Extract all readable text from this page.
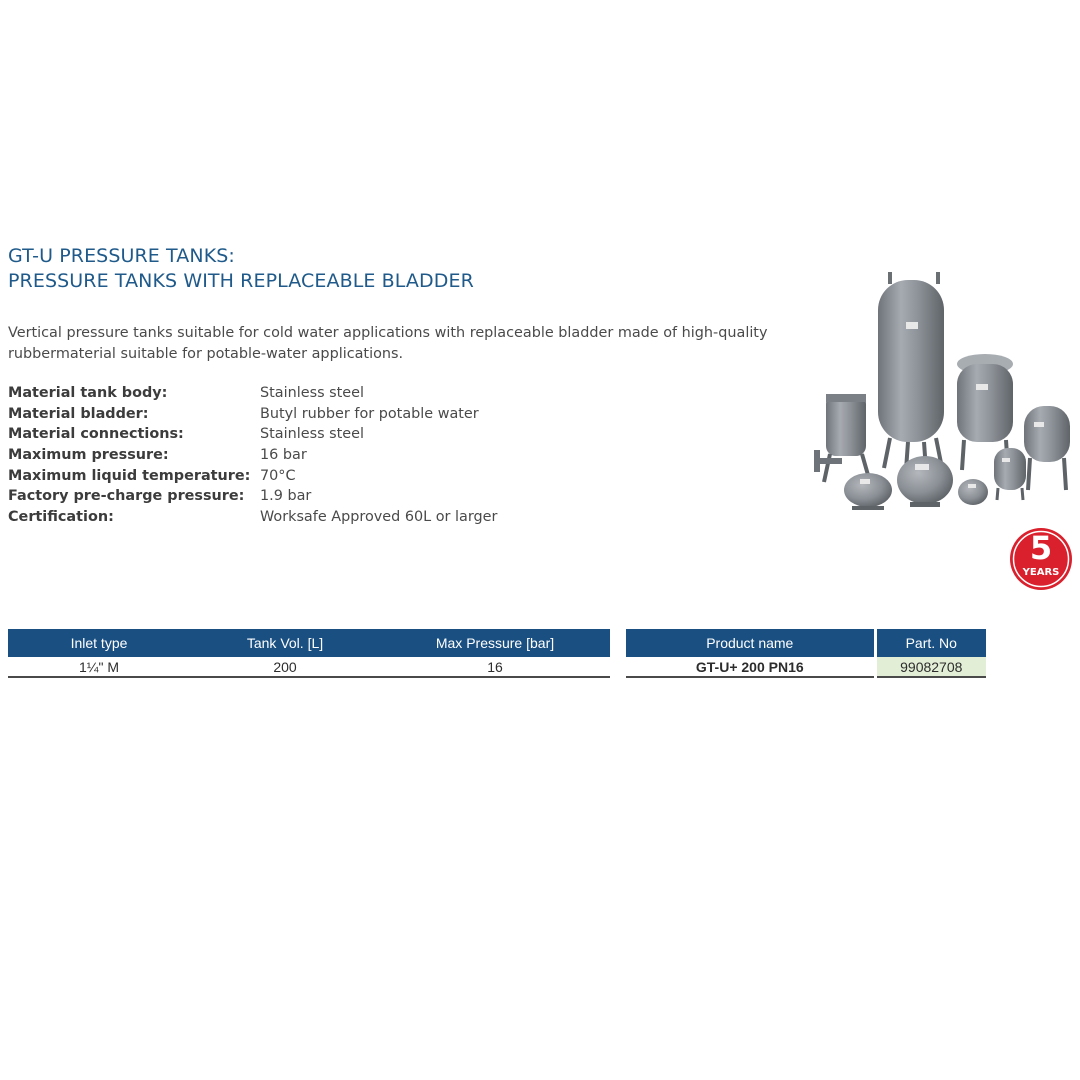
GT-U PRESSURE TANKS:
PRESSURE TANKS WITH REPLACEABLE BLADDER

Vertical pressure tanks suitable for cold water applications with replaceable bladder made of high-quality rubbermaterial suitable for potable-water applications.

Material tank body:	Stainless steel
Material bladder:	Butyl rubber for potable water
Material connections:	Stainless steel
Maximum pressure:	16 bar
Maximum liquid temperature: 70°C
Factory pre-charge pressure:	1.9 bar
Certification:	Worksafe Approved 60L or larger
5
YEARS
Inlet type	Tank Vol. [L]	Max Pressure [bar]
1¼" M	200	16
Product name	Part. No
GT-U+ 200 PN16	99082708
